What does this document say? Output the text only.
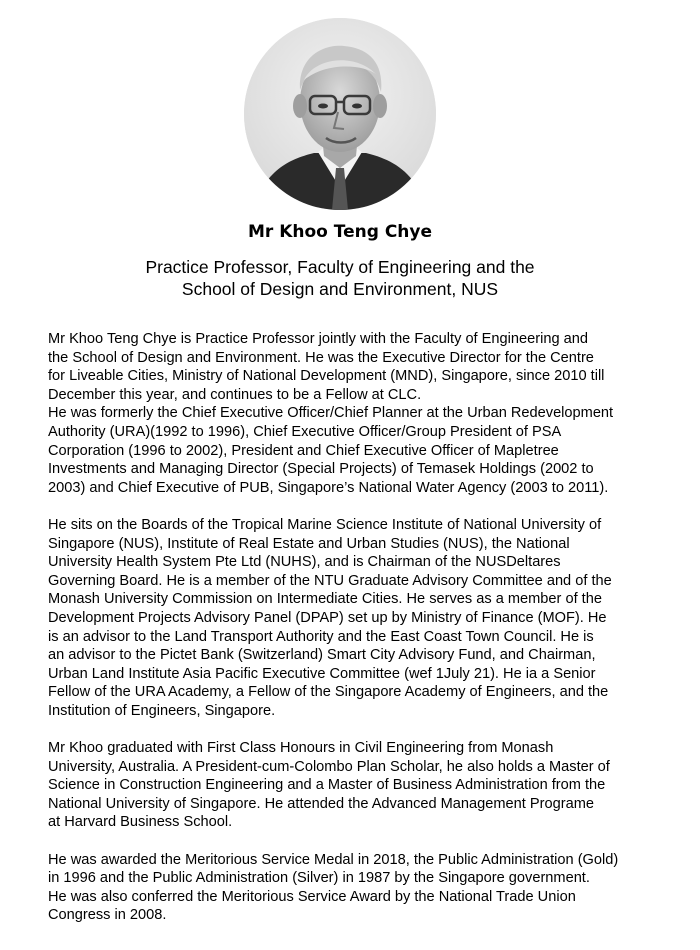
Mr Khoo Teng Chye
Practice Professor, Faculty of Engineering and the
School of Design and Environment, NUS

Mr Khoo Teng Chye is Practice Professor jointly with the Faculty of Engineering and
the School of Design and Environment. He was the Executive Director for the Centre
for Liveable Cities, Ministry of National Development (MND), Singapore, since 2010 till
December this year, and continues to be a Fellow at CLC.

He was formerly the Chief Executive Officer/Chief Planner at the Urban Redevelopment
Authority (URA)(1992 to 1996), Chief Executive Officer/Group President of PSA
Corporation (1996 to 2002), President and Chief Executive Officer of Mapletree
Investments and Managing Director (Special Projects) of Temasek Holdings (2002 to
2003) and Chief Executive of PUB, Singapore’s National Water Agency (2003 to 2011).

He sits on the Boards of the Tropical Marine Science Institute of National University of
Singapore (NUS), Institute of Real Estate and Urban Studies (NUS), the National
University Health System Pte Ltd (NUHS), and is Chairman of the NUSDeltares
Governing Board. He is a member of the NTU Graduate Advisory Committee and of the
Monash University Commission on Intermediate Cities. He serves as a member of the
Development Projects Advisory Panel (DPAP) set up by Ministry of Finance (MOF). He
is an advisor to the Land Transport Authority and the East Coast Town Council. He is
an advisor to the Pictet Bank (Switzerland) Smart City Advisory Fund, and Chairman,
Urban Land Institute Asia Pacific Executive Committee (wef 1July 21). He ia a Senior
Fellow of the URA Academy, a Fellow of the Singapore Academy of Engineers, and the
Institution of Engineers, Singapore.

Mr Khoo graduated with First Class Honours in Civil Engineering from Monash
University, Australia. A President-cum-Colombo Plan Scholar, he also holds a Master of
Science in Construction Engineering and a Master of Business Administration from the
National University of Singapore. He attended the Advanced Management Programe
at Harvard Business School.

He was awarded the Meritorious Service Medal in 2018, the Public Administration (Gold)
in 1996 and the Public Administration (Silver) in 1987 by the Singapore government.
He was also conferred the Meritorious Service Award by the National Trade Union
Congress in 2008.
